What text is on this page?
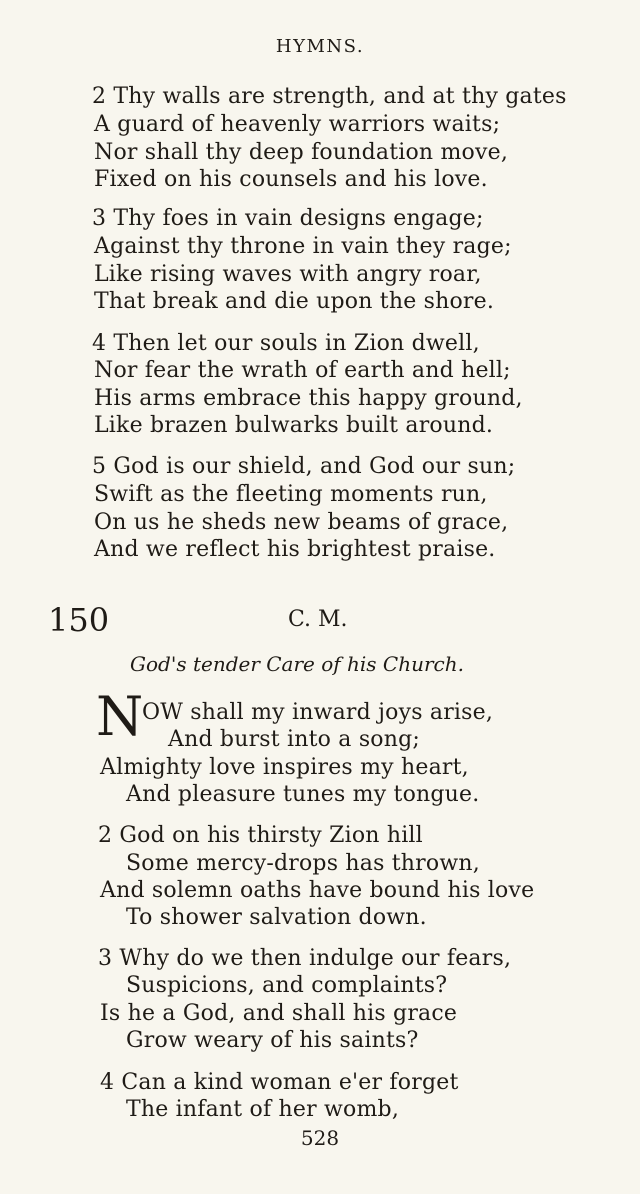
HYMNS.
2 Thy walls are strength, and at thy gates
A guard of heavenly warriors waits;
Nor shall thy deep foundation move,
Fixed on his counsels and his love.
3 Thy foes in vain designs engage;
Against thy throne in vain they rage;
Like rising waves with angry roar,
That break and die upon the shore.
4 Then let our souls in Zion dwell,
Nor fear the wrath of earth and hell;
His arms embrace this happy ground,
Like brazen bulwarks built around.
5 God is our shield, and God our sun;
Swift as the fleeting moments run,
On us he sheds new beams of grace,
And we reflect his brightest praise.
150	C. M.
God's tender Care of his Church.
N
OW shall my inward joys arise,
And burst into a song;
Almighty love inspires my heart,
And pleasure tunes my tongue.
2 God on his thirsty Zion hill
Some mercy-drops has thrown,
And solemn oaths have bound his love
To shower salvation down.
3 Why do we then indulge our fears,
Suspicions, and complaints?
Is he a God, and shall his grace
Grow weary of his saints?
4 Can a kind woman e'er forget
The infant of her womb,
528
